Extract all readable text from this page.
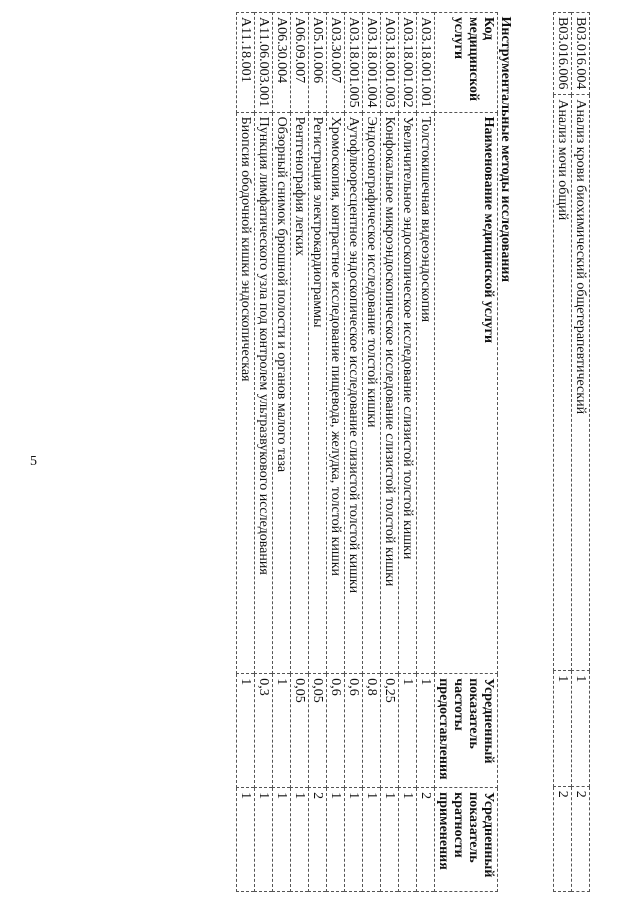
5
B03.016.004	Анализ крови биохимический общетерапевтический	1	2
B03.016.006	Анализ мочи общий	1	2
Инструментальные методы исследования			
Код медицинской услуги	Наименование медицинской услуги	Усредненный показатель частоты предоставления	Усредненный показатель кратности применения
A03.18.001.001	Толстокишечная видеоэндоскопия	1	2
A03.18.001.002	Увеличительное эндоскопическое исследование слизистой толстой кишки	1	1
A03.18.001.003	Конфокальное микроэндоскопическое исследование слизистой толстой кишки	0,25	1
A03.18.001.004	Эндосонографическое исследование толстой кишки	0,8	1
A03.18.001.005	Аутофлюоресцентное эндоскопическое исследование слизистой толстой кишки	0,6	1
A03.30.007	Хромоскопия, контрастное исследование пищевода, желудка, толстой кишки	0,6	1
A05.10.006	Регистрация электрокардиограммы	0,05	2
A06.09.007	Рентгенография легких	0,05	1
A06.30.004	Обзорный снимок брюшной полости и органов малого таза	1	1
A11.06.003.001	Пункция лимфатического узла под контролем ультразвукового исследования	0,3	1
A11.18.001	Биопсия ободочной кишки эндоскопическая	1	1
